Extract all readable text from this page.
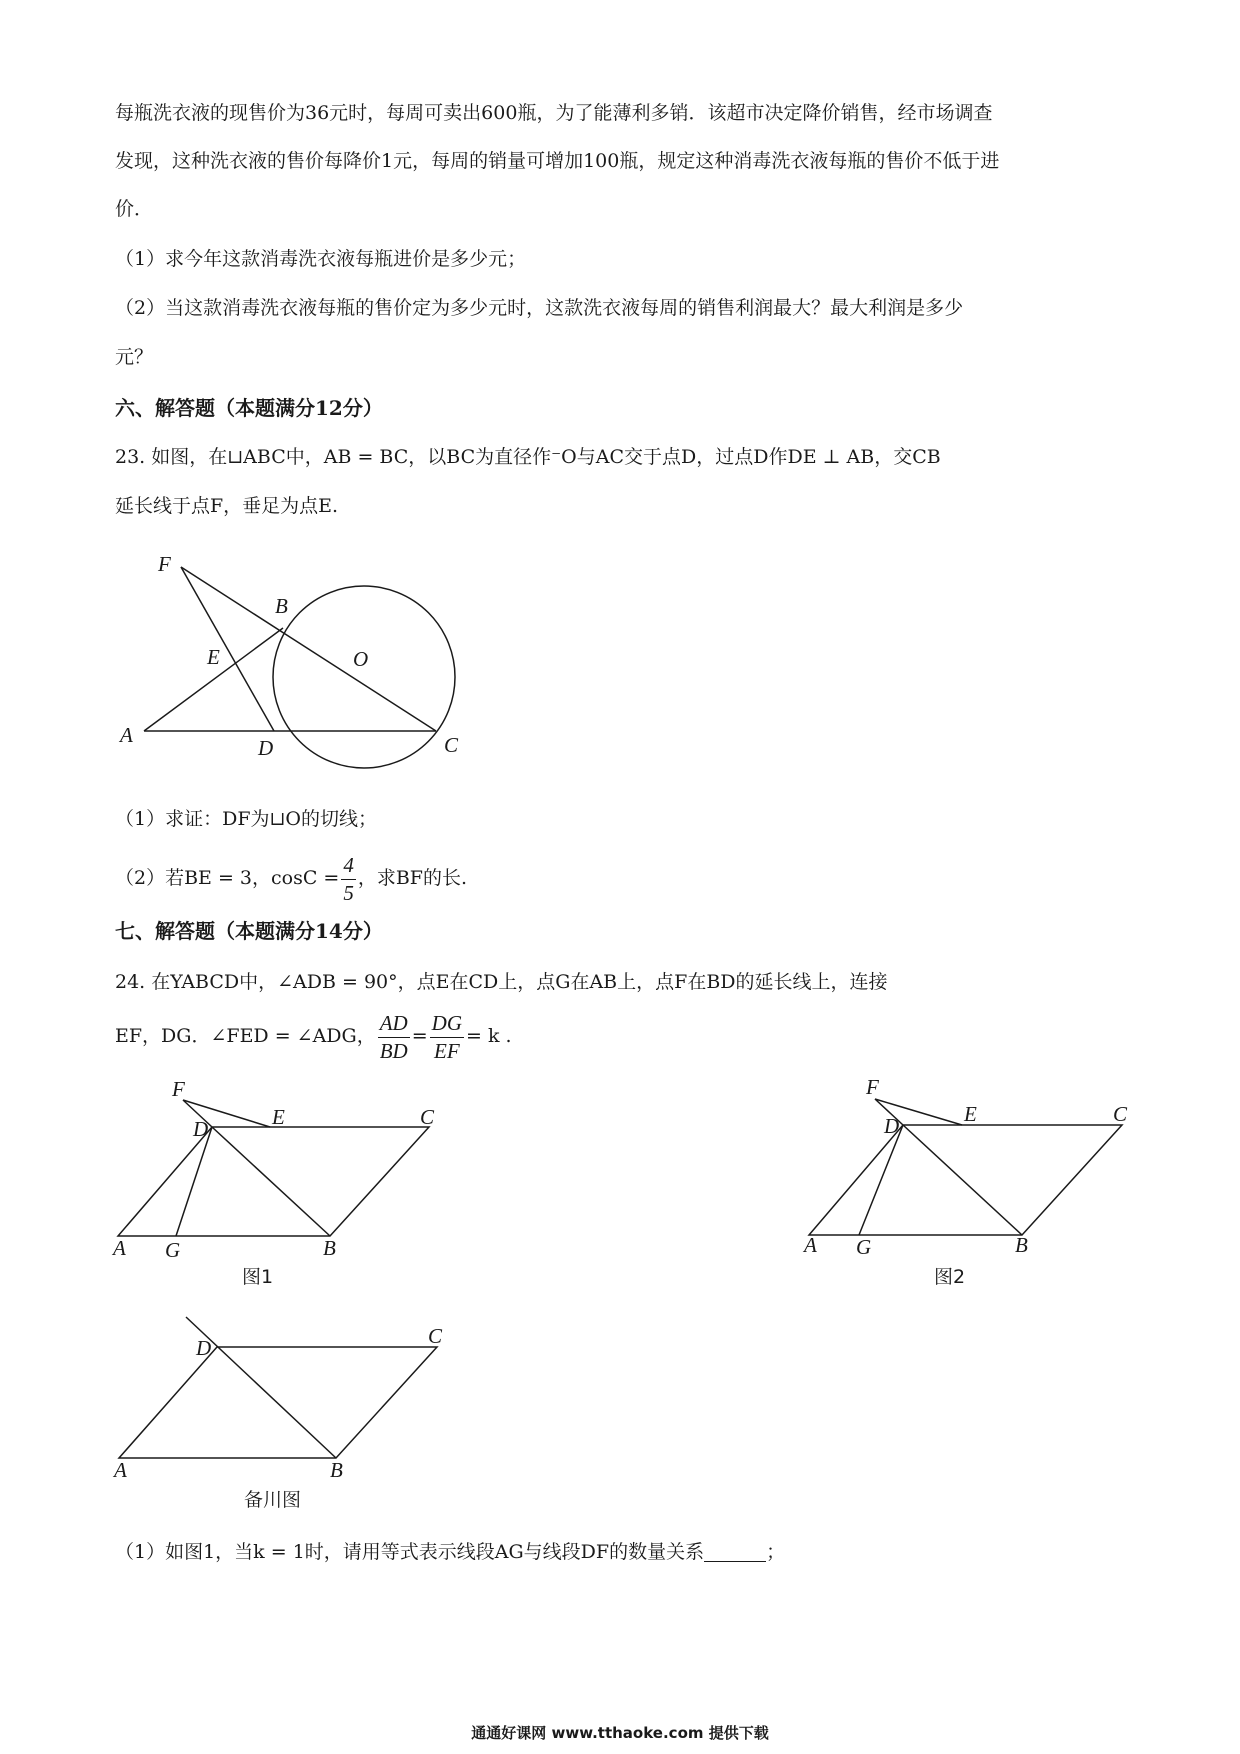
每瓶洗衣液的现售价为36元时，每周可卖出600瓶，为了能薄利多销．该超市决定降价销售，经市场调查
发现，这种洗衣液的售价每降价1元，每周的销量可增加100瓶，规定这种消毒洗衣液每瓶的售价不低于进
价．
（1）求今年这款消毒洗衣液每瓶进价是多少元；
（2）当这款消毒洗衣液每瓶的售价定为多少元时，这款洗衣液每周的销售利润最大？最大利润是多少
元？
六、解答题（本题满分12分）
23. 如图，在⊔ABC中，AB = BC，以BC为直径作⁻O与AC交于点D，过点D作DE ⊥ AB，交CB
延长线于点F，垂足为点E.
F
B
E	O
A
D	C
F
D	E	C
A G	B
图1
F
D	E	C
A G	B
图2
D	C
A	B
备川图
（1）求证：DF为⊔O的切线；
（2）若BE = 3，$\cos C = \frac{4}{5}$ ，求BF的长.
七、解答题（本题满分14分）
24. 在YABCD中，∠ADB = 90°，点E在CD上，点G在AB上，点F在BD的延长线上，连接
EF，DG．∠FED = ∠ADG， $\frac{AD}{BD} = \frac{DG}{EF} = k$ .
（1）如图1，当k = 1时，请用等式表示线段AG与线段DF的数量关系	；
通通好课网 www.tthaoke.com 提供下载
